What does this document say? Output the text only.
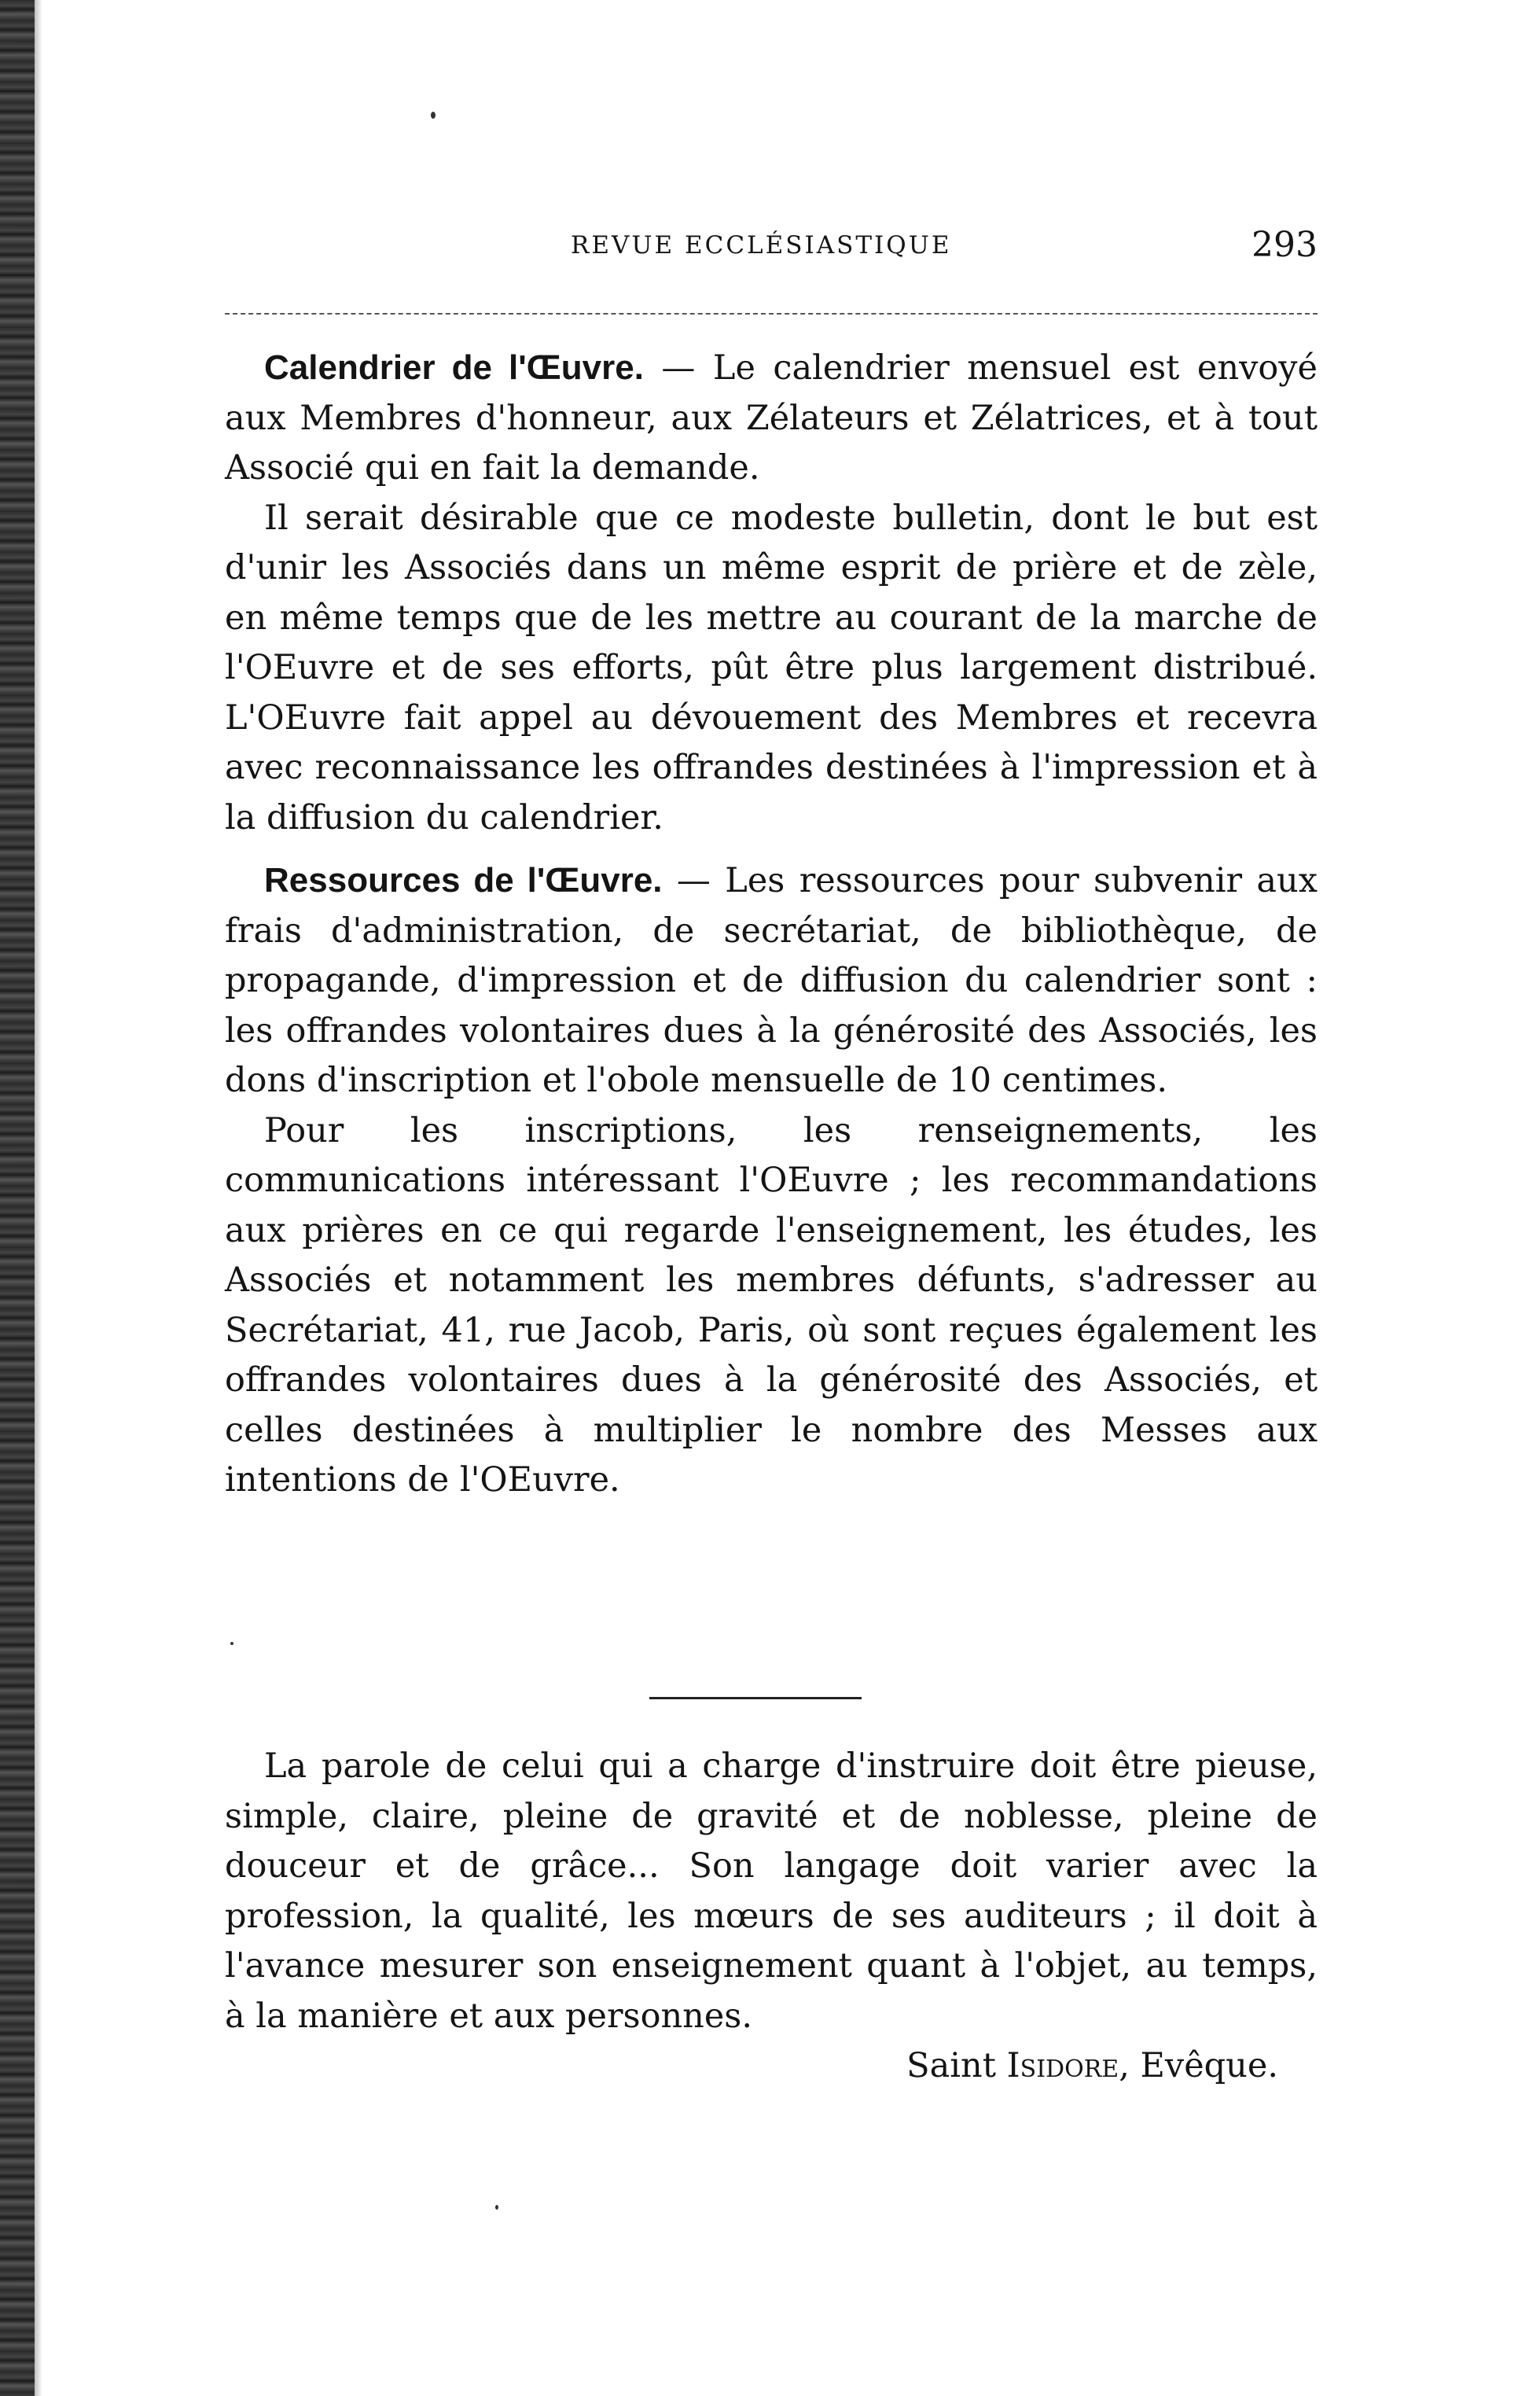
REVUE ECCLÉSIASTIQUE	293

Calendrier de l'Œuvre. — Le calendrier mensuel est envoyé aux Membres d'honneur, aux Zélateurs et Zélatrices, et à tout Associé qui en fait la demande.

Il serait désirable que ce modeste bulletin, dont le but est d'unir les Associés dans un même esprit de prière et de zèle, en même temps que de les mettre au courant de la marche de l'OEuvre et de ses efforts, pût être plus largement distribué. L'OEuvre fait appel au dévouement des Membres et recevra avec reconnaissance les offrandes destinées à l'impression et à la diffusion du calendrier.

Ressources de l'Œuvre. — Les ressources pour subvenir aux frais d'administration, de secrétariat, de bibliothèque, de propagande, d'impression et de diffusion du calendrier sont : les offrandes volontaires dues à la générosité des Associés, les dons d'inscription et l'obole mensuelle de 10 centimes.

Pour les inscriptions, les renseignements, les communications intéressant l'OEuvre ; les recommandations aux prières en ce qui regarde l'enseignement, les études, les Associés et notamment les membres défunts, s'adresser au Secrétariat, 41, rue Jacob, Paris, où sont reçues également les offrandes volontaires dues à la générosité des Associés, et celles destinées à multiplier le nombre des Messes aux intentions de l'OEuvre.

La parole de celui qui a charge d'instruire doit être pieuse, simple, claire, pleine de gravité et de noblesse, pleine de douceur et de grâce... Son langage doit varier avec la profession, la qualité, les mœurs de ses auditeurs ; il doit à l'avance mesurer son enseignement quant à l'objet, au temps, à la manière et aux personnes.

Saint Isidore, Evêque.
